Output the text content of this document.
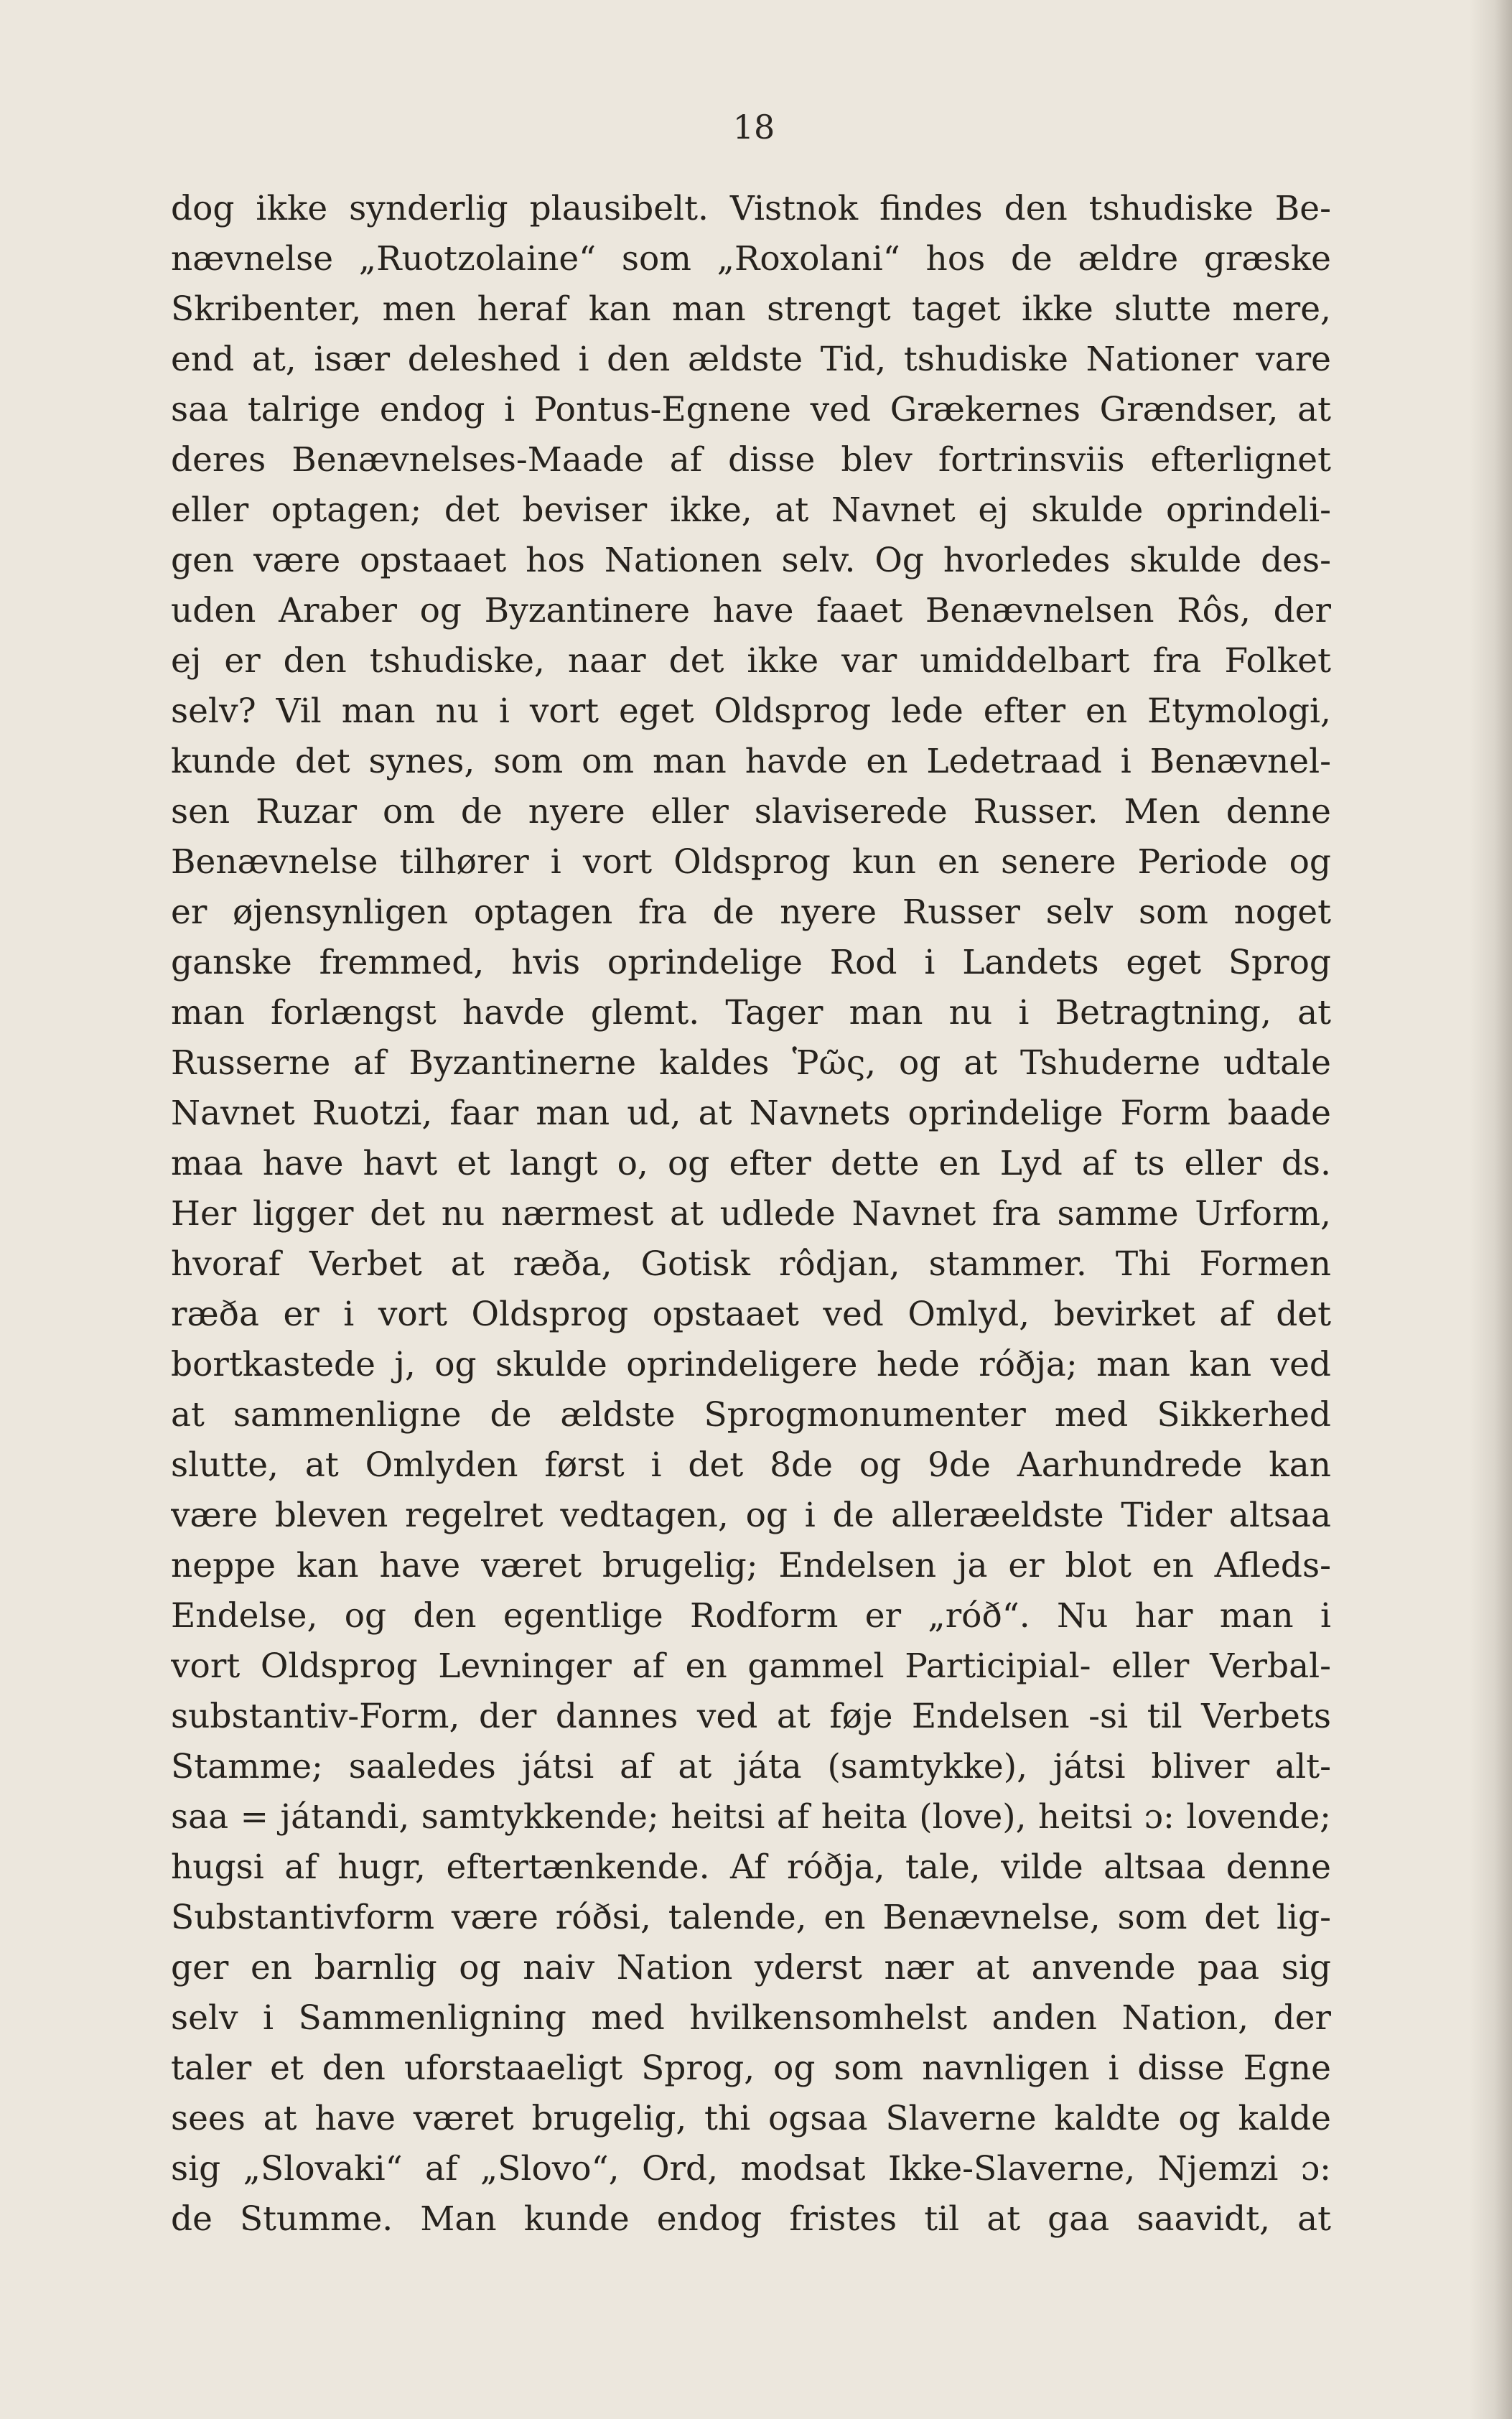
18
dog ikke synderlig plausibelt. Vistnok findes den tshudiske Be-
nævnelse „Ruotzolaine“ som „Roxolani“ hos de ældre græske
Skribenter, men heraf kan man strengt taget ikke slutte mere,
end at, især deleshed i den ældste Tid, tshudiske Nationer vare
saa talrige endog i Pontus-Egnene ved Grækernes Grændser, at
deres Benævnelses-Maade af disse blev fortrinsviis efterlignet
eller optagen; det beviser ikke, at Navnet ej skulde oprindeli-
gen være opstaaet hos Nationen selv. Og hvorledes skulde des-
uden Araber og Byzantinere have faaet Benævnelsen Rôs, der
ej er den tshudiske, naar det ikke var umiddelbart fra Folket
selv? Vil man nu i vort eget Oldsprog lede efter en Etymologi,
kunde det synes, som om man havde en Ledetraad i Benævnel-
sen Ruzar om de nyere eller slaviserede Russer. Men denne
Benævnelse tilhører i vort Oldsprog kun en senere Periode og
er øjensynligen optagen fra de nyere Russer selv som noget
ganske fremmed, hvis oprindelige Rod i Landets eget Sprog
man forlængst havde glemt. Tager man nu i Betragtning, at
Russerne af Byzantinerne kaldes Ῥῶς, og at Tshuderne udtale
Navnet Ruotzi, faar man ud, at Navnets oprindelige Form baade
maa have havt et langt o, og efter dette en Lyd af ts eller ds.
Her ligger det nu nærmest at udlede Navnet fra samme Urform,
hvoraf Verbet at ræða, Gotisk rôdjan, stammer. Thi Formen
ræða er i vort Oldsprog opstaaet ved Omlyd, bevirket af det
bortkastede j, og skulde oprindeligere hede róðja; man kan ved
at sammenligne de ældste Sprogmonumenter med Sikkerhed
slutte, at Omlyden først i det 8de og 9de Aarhundrede kan
være bleven regelret vedtagen, og i de alleræeldste Tider altsaa
neppe kan have været brugelig; Endelsen ja er blot en Afleds-
Endelse, og den egentlige Rodform er „róð“. Nu har man i
vort Oldsprog Levninger af en gammel Participial- eller Verbal-
substantiv-Form, der dannes ved at føje Endelsen -si til Verbets
Stamme; saaledes játsi af at játa (samtykke), játsi bliver alt-
saa = játandi, samtykkende; heitsi af heita (love), heitsi ɔ: lovende;
hugsi af hugr, eftertænkende. Af róðja, tale, vilde altsaa denne
Substantivform være róðsi, talende, en Benævnelse, som det lig-
ger en barnlig og naiv Nation yderst nær at anvende paa sig
selv i Sammenligning med hvilkensomhelst anden Nation, der
taler et den uforstaaeligt Sprog, og som navnligen i disse Egne
sees at have været brugelig, thi ogsaa Slaverne kaldte og kalde
sig „Slovaki“ af „Slovo“, Ord, modsat Ikke-Slaverne, Njemzi ɔ:
de Stumme. Man kunde endog fristes til at gaa saavidt, at
